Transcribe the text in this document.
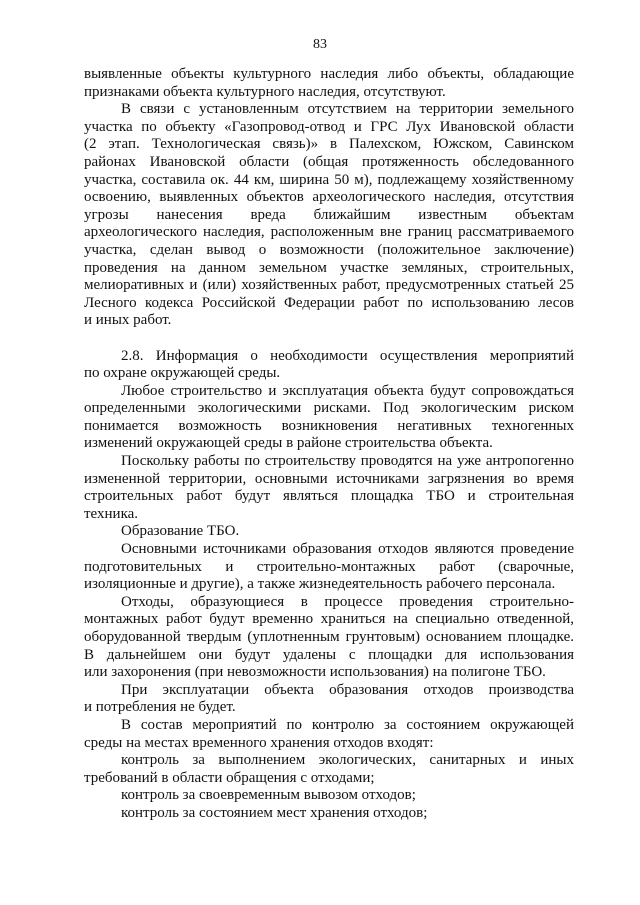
83
выявленные объекты культурного наследия либо объекты, обладающие
признаками объекта культурного наследия, отсутствуют.
В связи с установленным отсутствием на территории земельного
участка по объекту «Газопровод-отвод и ГРС Лух Ивановской области
(2 этап. Технологическая связь)» в Палехском, Южском, Савинском
районах Ивановской области (общая протяженность обследованного
участка, составила ок. 44 км, ширина 50 м), подлежащему хозяйственному
освоению, выявленных объектов археологического наследия, отсутствия
угрозы нанесения вреда ближайшим известным объектам
археологического наследия, расположенным вне границ рассматриваемого
участка, сделан вывод о возможности (положительное заключение)
проведения на данном земельном участке земляных, строительных,
мелиоративных и (или) хозяйственных работ, предусмотренных статьей 25
Лесного кодекса Российской Федерации работ по использованию лесов
и иных работ.
2.8. Информация о необходимости осуществления мероприятий
по охране окружающей среды.
Любое строительство и эксплуатация объекта будут сопровождаться
определенными экологическими рисками. Под экологическим риском
понимается возможность возникновения негативных техногенных
изменений окружающей среды в районе строительства объекта.
Поскольку работы по строительству проводятся на уже антропогенно
измененной территории, основными источниками загрязнения во время
строительных работ будут являться площадка ТБО и строительная
техника.
Образование ТБО.
Основными источниками образования отходов являются проведение
подготовительных и строительно-монтажных работ (сварочные,
изоляционные и другие), а также жизнедеятельность рабочего персонала.
Отходы, образующиеся в процессе проведения строительно-
монтажных работ будут временно храниться на специально отведенной,
оборудованной твердым (уплотненным грунтовым) основанием площадке.
В дальнейшем они будут удалены с площадки для использования
или захоронения (при невозможности использования) на полигоне ТБО.
При эксплуатации объекта образования отходов производства
и потребления не будет.
В состав мероприятий по контролю за состоянием окружающей
среды на местах временного хранения отходов входят:
контроль за выполнением экологических, санитарных и иных
требований в области обращения с отходами;
контроль за своевременным вывозом отходов;
контроль за состоянием мест хранения отходов;
